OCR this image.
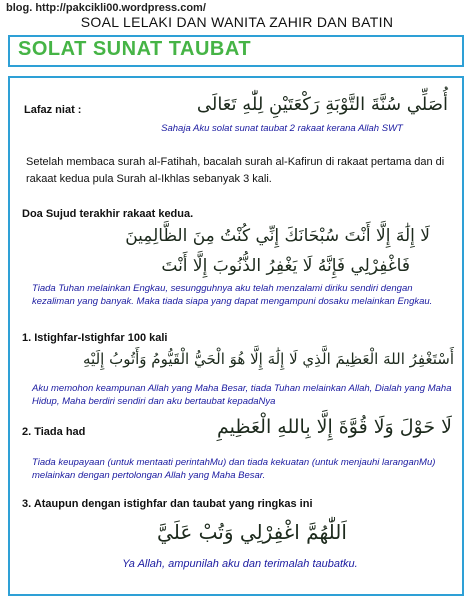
blog. http://pakcikli00.wordpress.com/
SOAL LELAKI DAN WANITA ZAHIR DAN BATIN
SOLAT SUNAT TAUBAT
Lafaz niat :	أُصَلِّي سُنَّةَ التَّوْبَةِ رَكْعَتَيْنِ لِلّٰهِ تَعَالَى
Sahaja Aku solat sunat taubat 2 rakaat kerana Allah SWT
Setelah membaca surah al-Fatihah, bacalah surah al-Kafirun di rakaat pertama dan di rakaat kedua pula Surah al-Ikhlas sebanyak 3 kali.
Doa Sujud terakhir rakaat kedua.
لَا إِلَٰهَ إِلَّا أَنْتَ سُبْحَانَكَ إِنِّي كُنْتُ مِنَ الظَّالِمِينَ
فَاغْفِرْلِي فَإِنَّهُ لَا يَغْفِرُ الذُّنُوبَ إِلَّا أَنْتَ
Tiada Tuhan melainkan Engkau, sesungguhnya aku telah menzalami diriku sendiri dengan kezaliman yang banyak. Maka tiada siapa yang dapat mengampuni dosaku melainkan Engkau.
1. Istighfar-Istighfar 100 kali
أَسْتَغْفِرُ اللهَ الْعَظِيمَ الَّذِي لَا إِلَٰهَ إِلَّا هُوَ الْحَيُّ الْقَيُّومُ وَأَتُوبُ إِلَيْهِ
Aku memohon keampunan Allah yang Maha Besar, tiada Tuhan melainkan Allah, Dialah yang Maha Hidup, Maha berdiri sendiri dan aku bertaubat kepadaNya
2. Tiada had	لَا حَوْلَ وَلَا قُوَّةَ إِلَّا بِاللهِ الْعَظِيمِ
Tiada keupayaan (untuk mentaati perintahMu) dan tiada kekuatan (untuk menjauhi laranganMu) melainkan dengan pertolongan Allah yang Maha Besar.
3. Ataupun dengan istighfar dan taubat yang ringkas ini
اَللّٰهُمَّ اغْفِرْلِي وَتُبْ عَلَيَّ
Ya Allah, ampunilah aku dan terimalah taubatku.
